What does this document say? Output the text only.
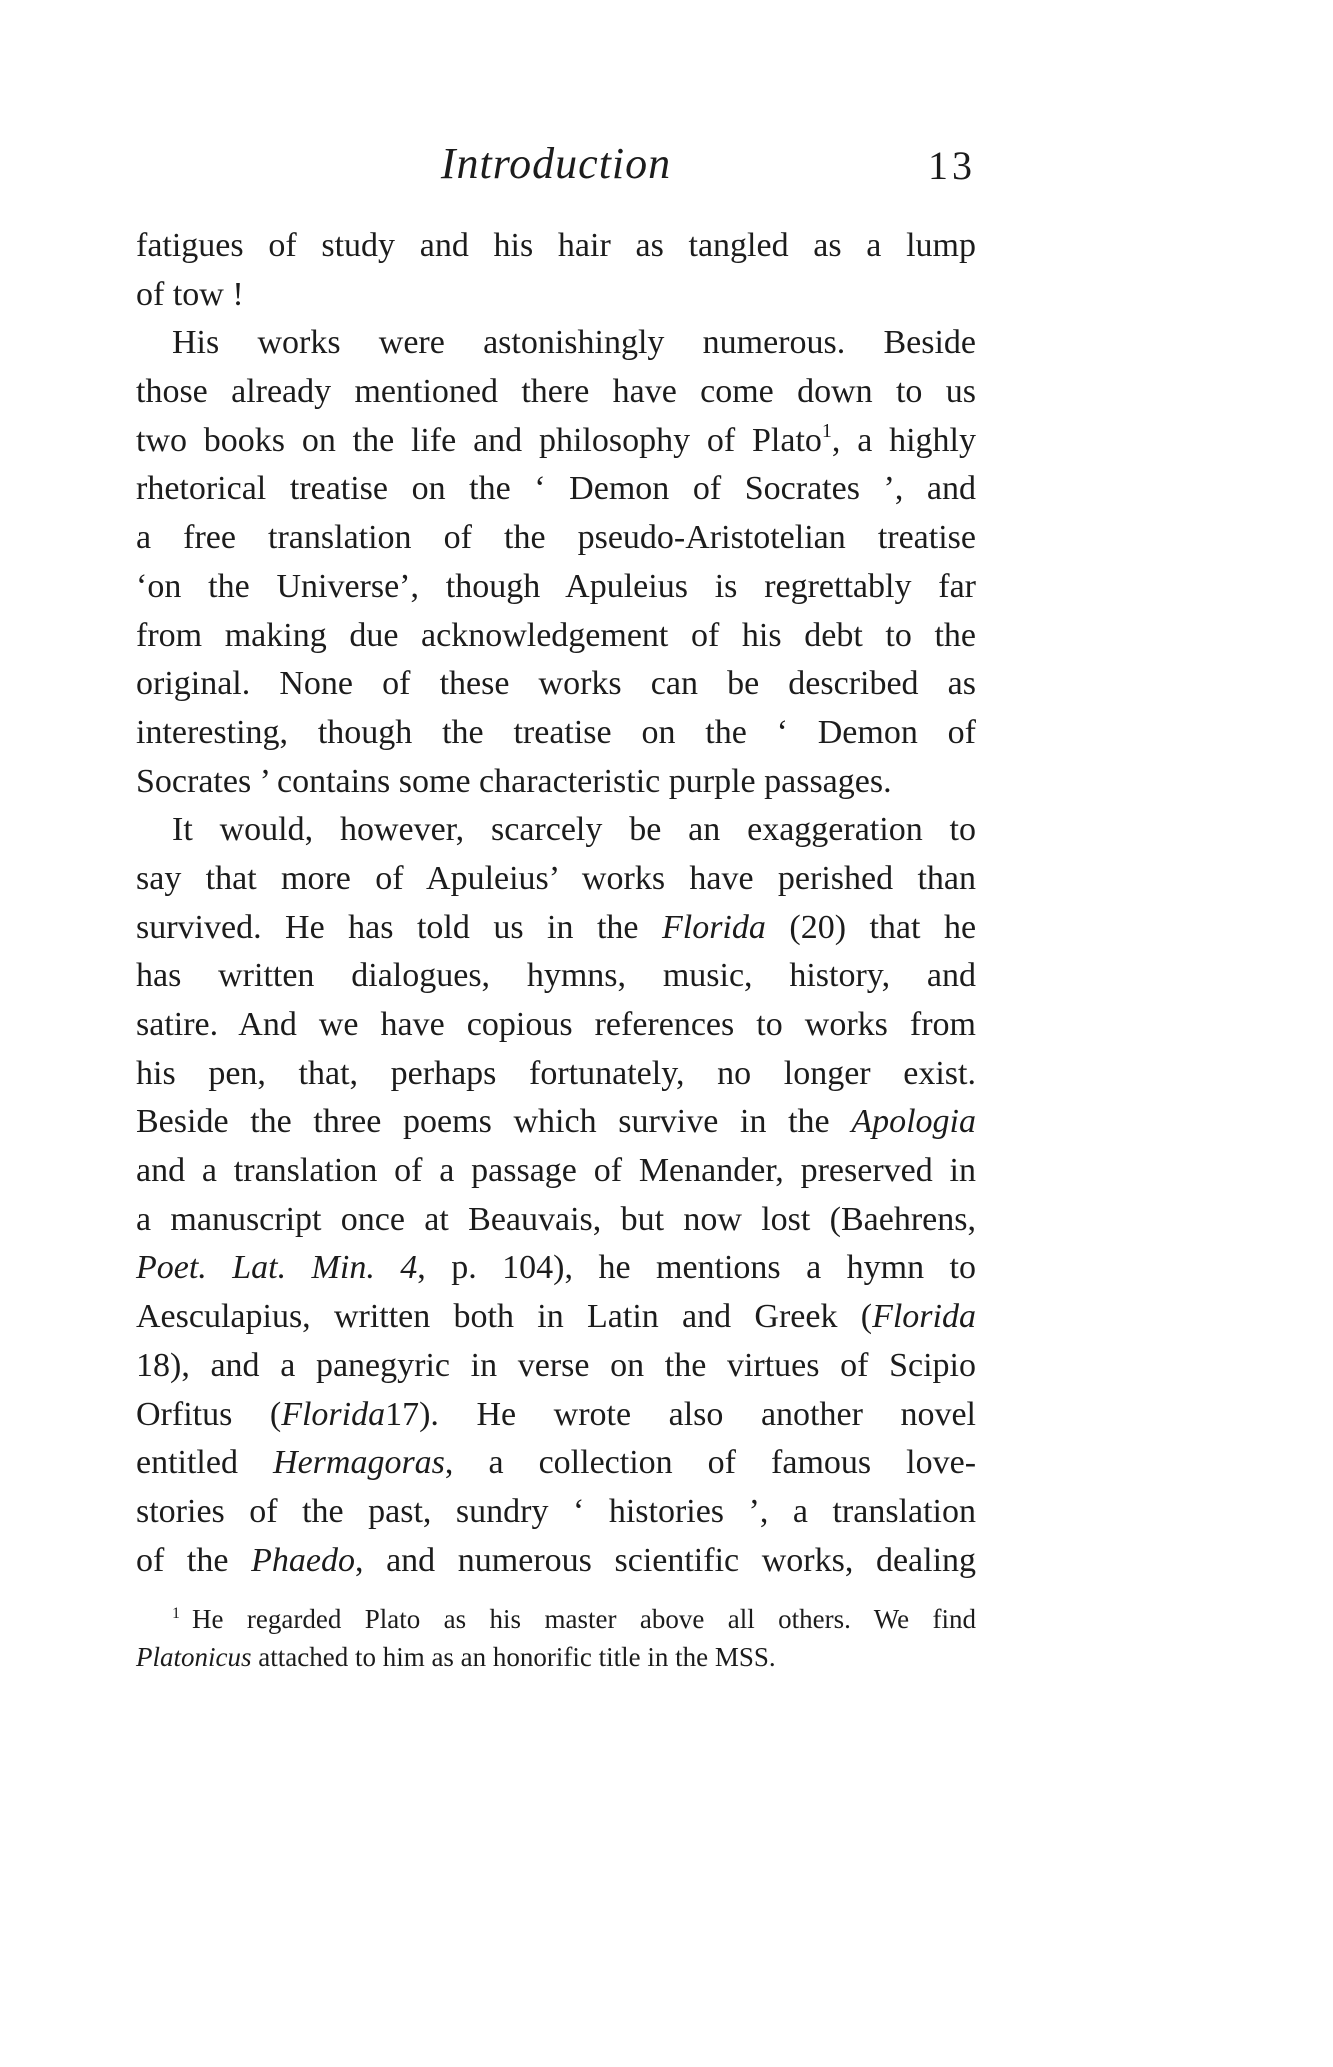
Introduction	13
fatigues of study and his hair as tangled as a lump
of tow !
His works were astonishingly numerous. Beside
those already mentioned there have come down to us
two books on the life and philosophy of Plato$^1$, a highly
rhetorical treatise on the ‘ Demon of Socrates ’, and
a free translation of the pseudo-Aristotelian treatise
‘on the Universe’, though Apuleius is regrettably far
from making due acknowledgement of his debt to the
original. None of these works can be described as
interesting, though the treatise on the ‘ Demon of
Socrates ’ contains some characteristic purple passages.
It would, however, scarcely be an exaggeration to
say that more of Apuleius’ works have perished than
survived. He has told us in the Florida (20) that he
has written dialogues, hymns, music, history, and
satire. And we have copious references to works from
his pen, that, perhaps fortunately, no longer exist.
Beside the three poems which survive in the Apologia
and a translation of a passage of Menander, preserved in
a manuscript once at Beauvais, but now lost (Baehrens,
Poet. Lat. Min. 4, p. 104), he mentions a hymn to
Aesculapius, written both in Latin and Greek (Florida
18), and a panegyric in verse on the virtues of Scipio
Orfitus (Florida17). He wrote also another novel
entitled Hermagoras, a collection of famous love-
stories of the past, sundry ‘ histories ’, a translation
of the Phaedo, and numerous scientific works, dealing
$^1$ He regarded Plato as his master above all others. We find
Platonicus attached to him as an honorific title in the MSS.
